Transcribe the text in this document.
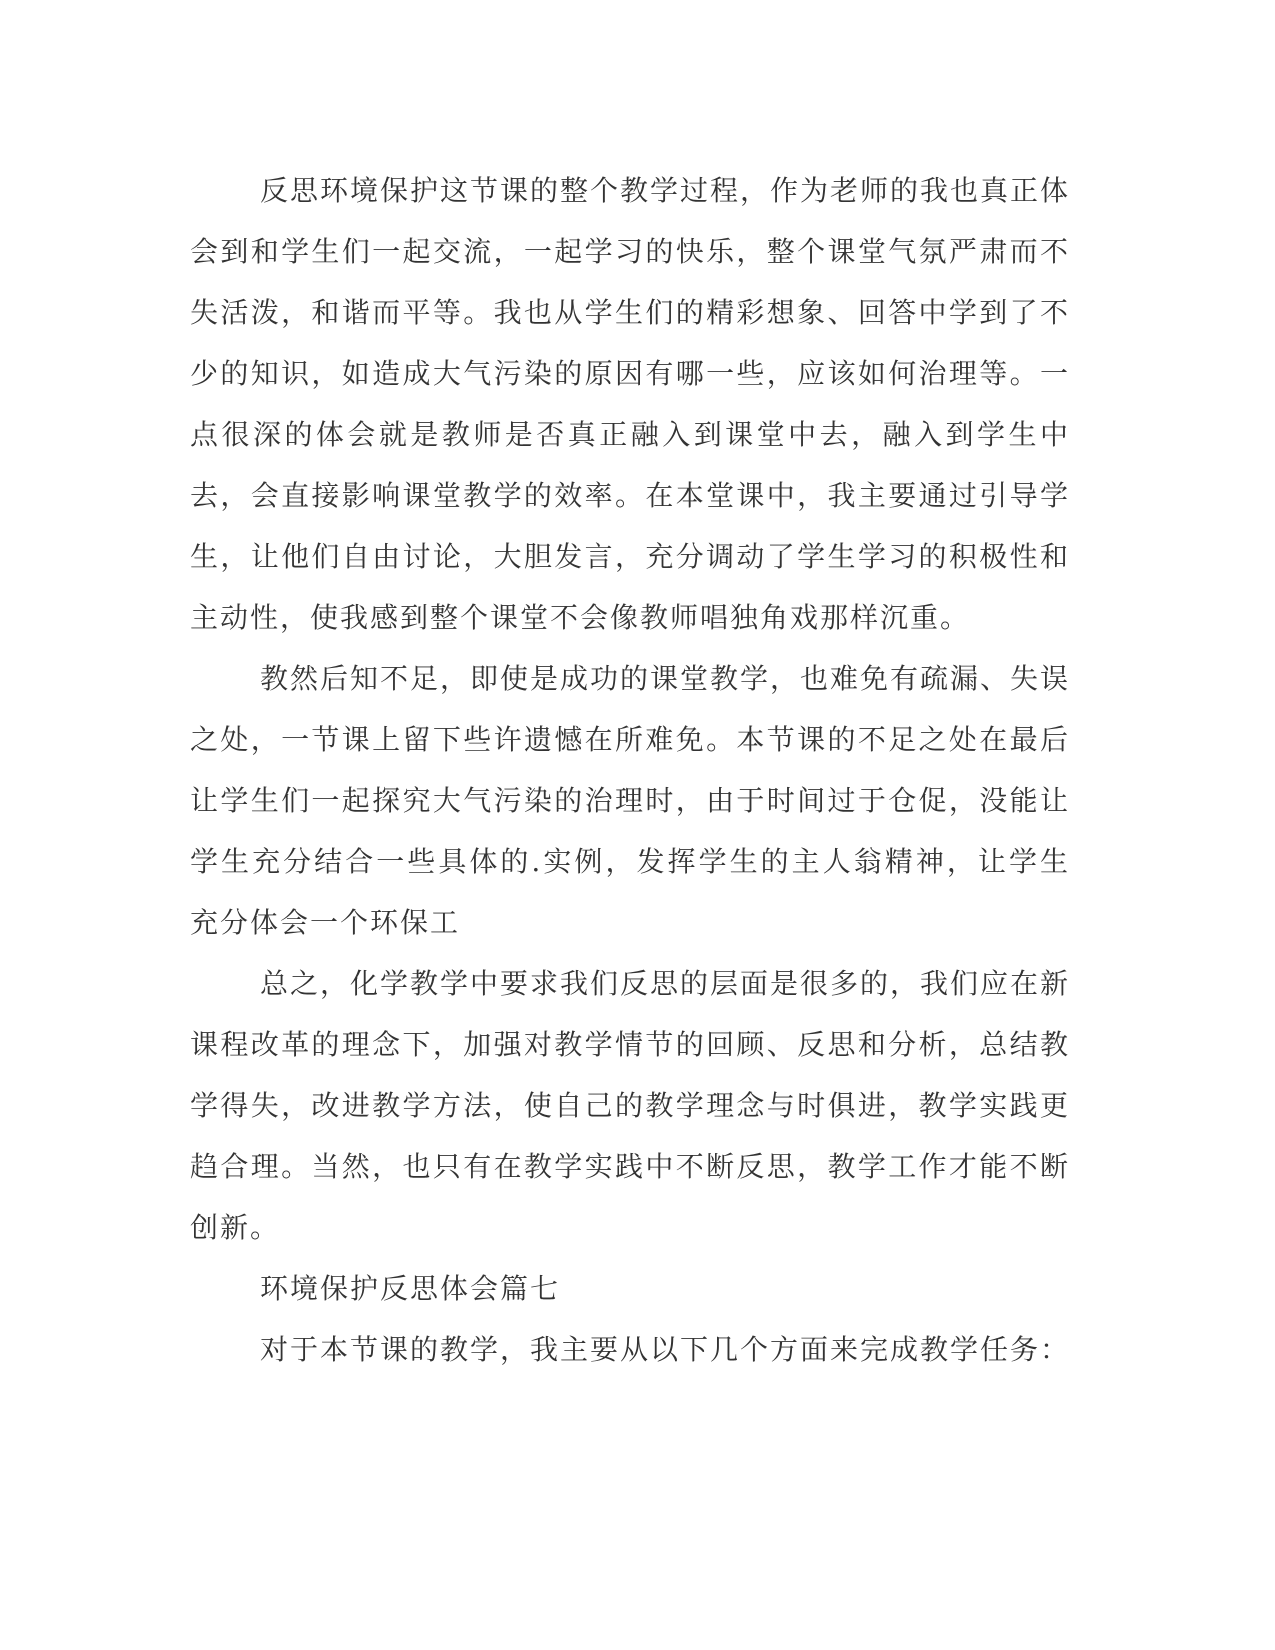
反思环境保护这节课的整个教学过程，作为老师的我也真正体会到和学生们一起交流，一起学习的快乐，整个课堂气氛严肃而不失活泼，和谐而平等。我也从学生们的精彩想象、回答中学到了不少的知识，如造成大气污染的原因有哪一些，应该如何治理等。一点很深的体会就是教师是否真正融入到课堂中去，融入到学生中去，会直接影响课堂教学的效率。在本堂课中，我主要通过引导学生，让他们自由讨论，大胆发言，充分调动了学生学习的积极性和主动性，使我感到整个课堂不会像教师唱独角戏那样沉重。

教然后知不足，即使是成功的课堂教学，也难免有疏漏、失误之处，一节课上留下些许遗憾在所难免。本节课的不足之处在最后让学生们一起探究大气污染的治理时，由于时间过于仓促，没能让学生充分结合一些具体的.实例，发挥学生的主人翁精神，让学生充分体会一个环保工

总之，化学教学中要求我们反思的层面是很多的，我们应在新课程改革的理念下，加强对教学情节的回顾、反思和分析，总结教学得失，改进教学方法，使自己的教学理念与时俱进，教学实践更趋合理。当然，也只有在教学实践中不断反思，教学工作才能不断创新。

环境保护反思体会篇七

对于本节课的教学，我主要从以下几个方面来完成教学任务：
